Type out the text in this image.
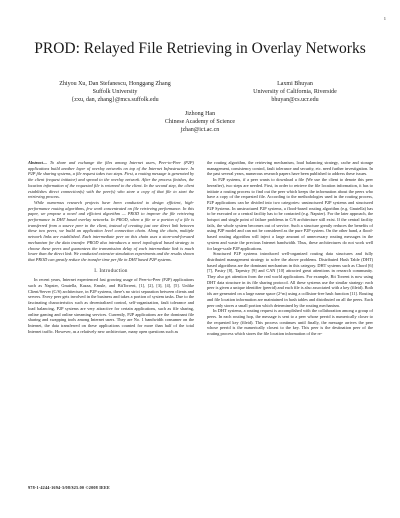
1
PROD: Relayed File Retrieving in Overlay Networks
Zhiyou Xu, Dan Stefanescu, Honggang Zhang
Suffolk University
{zxu, dan, zhang}@mcs.suffolk.edu
Laxmi Bhuyan
University of California, Riverside
bhuyan@cs.ucr.edu
Jizhong Han
Chinese Academy of Science
jzhan@ict.ac.cn

Abstract— To share and exchange the files among Internet users, Peer-to-Peer (P2P) applications build another layer of overlay networks on top of the Internet Infrastructure. In P2P file sharing systems, a file request takes two steps. First, a routing message is generated by the client (request initiator) and spread to the overlay network. After the process finishes, the location information of the requested file is returned to the client. In the second step, the client establishes direct connection(s) with the peer(s) who store a copy of that file to start the retrieving process.

While numerous research projects have been conducted to design efficient, high-performance routing algorithms, few work concentrated on file retrieving performance. In this paper, we propose a novel and efficient algorithm — PROD to improve the file retrieving performance in DHT based overlay networks. In PROD, when a file or a portion of a file is transferred from a source peer to the client, instead of creating just one direct link between these two peers, we build an application level connection chain. Along the chain, multiple network links are established. Each intermediate peer on this chain uses a store-and-forward mechanism for the data transfer. PROD also introduces a novel topological based strategy to choose these peers and guarantees the transmission delay of each intermediate link is much lower than the direct link. We conducted extensive simulation experiments and the results shown that PROD can greatly reduce the transfer time per file in DHT based P2P systems.

I. Introduction

In recent years, Internet experienced fast growing usage of Peer-to-Peer (P2P) applications such as Napster, Gnutella, Kazaa, Emule, and BitTorrent, [1], [2], [3], [4], [5]. Unlike Client/Server (C/S) architecture, in P2P systems, there's no strict separation between clients and servers. Every peer gets involved in the business and takes a portion of system tasks. Due to the fascinating characteristics such as decentralized control, self-organization, fault tolerance and load balancing, P2P systems are very attractive for certain applications, such as file sharing, online gaming and online streaming services. Currently, P2P applications are the dominant file sharing and swapping tools among Internet users. They are No. 1 bandwidth consumer on the Internet, the data transferred on these applications counted for more than half of the total Internet traffic. However, as a relatively new architecture, many open questions such as

the routing algorithm, the retrieving mechanism, load balancing strategy, cache and storage management, consistency control, fault tolerance and security, etc. need further investigation. In the past several years, numerous research papers have been published to address these issues.

In P2P systems, if a peer wants to download a file (We use the client to denote this peer hereafter), two steps are needed. First, in order to retrieve the file location information, it has to initiate a routing process to find out the peer which keeps the information about the peers who have a copy of the requested file. According to the methodologies used in the routing process, P2P applications can be divided into two categories: unstructured P2P systems and structured P2P Systems. In unstructured P2P systems, a flood-based routing algorithm (e.g. Gnutella) has to be executed or a central facility has to be contacted (e.g. Napster). For the later approach, the hotspot and single point of failure problems in C/S architecture still exist. If the central facility fails, the whole system becomes out of service. Such a structure greatly reduces the benefits of using P2P model and can not be considered as the pure P2P system. On the other hand, a flood-based routing algorithm will inject a large amount of unnecessary routing messages in the system and waste the precious Internet bandwidth. Thus, these architectures do not work well for large-scale P2P applications.

Structured P2P systems introduced well-organized routing data structures and fully distributed management strategy to solve the above problems. Distributed Hash Table (DHT) based algorithms are the dominant mechanism in this category. DHT systems such as Chord [6] [7], Pastry [8], Tapestry [9] and CAN [10] attracted great attentions in research community. They also get attention from the real world applications. For example, Bit Torrent is now using DHT data structure in its file sharing protocol. All these systems use the similar strategy: each peer is given a unique identifier (peerid) and each file is also associated with a key (fileid). Both ids are generated on a large name space (2^m) using a collision-free hash function [11]. Routing and file location information are maintained in hash tables and distributed on all the peers. Each peer only stores a small portion which determined by the routing mechanism.

In DHT systems, a routing request is accomplished with the collaboration among a group of peers. In each routing hop, the message is sent to a peer whose peerid is numerically closer to the requested key (fileid). This process continues until finally, the message arrives the peer whose peerid is the numerically closest to the key. This peer is the destination peer of the routing process which stores the file location information of the re-

978-1-4244-1694-3/08/$25.00 ©2008 IEEE
